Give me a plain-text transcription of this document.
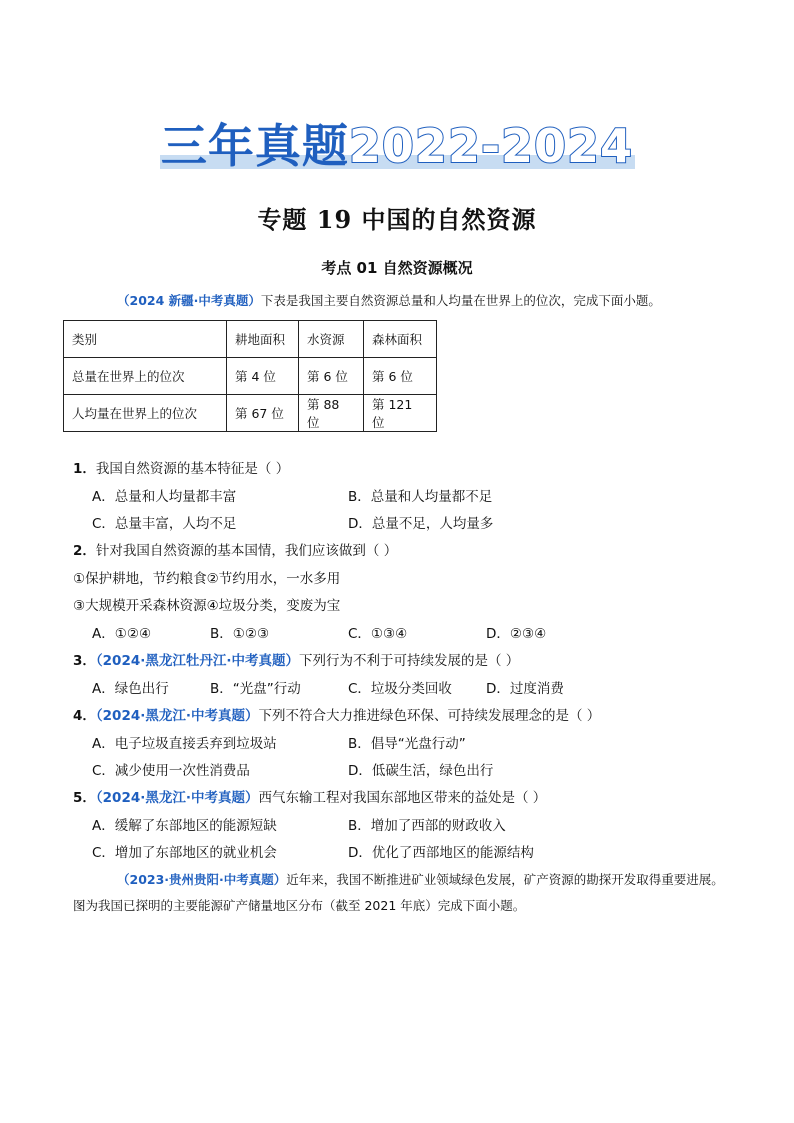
三年真题2022-2024
专题 19 中国的自然资源
考点 01 自然资源概况
（2024 新疆·中考真题）下表是我国主要自然资源总量和人均量在世界上的位次，完成下面小题。
类别	耕地面积	水资源	森林面积
总量在世界上的位次	第 4 位	第 6 位	第 6 位
人均量在世界上的位次	第 67 位	第 88 位	第 121 位
1．我国自然资源的基本特征是（ ）
A．总量和人均量都丰富	B．总量和人均量都不足
C．总量丰富，人均不足	D．总量不足，人均量多
2．针对我国自然资源的基本国情，我们应该做到（ ）
①保护耕地，节约粮食②节约用水，一水多用
③大规模开采森林资源④垃圾分类，变废为宝
A．①②④	B．①②③	C．①③④	D．②③④
3．（2024·黑龙江牡丹江·中考真题）下列行为不利于可持续发展的是（ ）
A．绿色出行	B．“光盘”行动	C．垃圾分类回收	D．过度消费
4．（2024·黑龙江·中考真题）下列不符合大力推进绿色环保、可持续发展理念的是（ ）
A．电子垃圾直接丢弃到垃圾站	B．倡导“光盘行动”
C．减少使用一次性消费品	D．低碳生活，绿色出行
5．（2024·黑龙江·中考真题）西气东输工程对我国东部地区带来的益处是（ ）
A．缓解了东部地区的能源短缺	B．增加了西部的财政收入
C．增加了东部地区的就业机会	D．优化了西部地区的能源结构
（2023·贵州贵阳·中考真题）近年来，我国不断推进矿业领域绿色发展，矿产资源的勘探开发取得重要进展。图为我国已探明的主要能源矿产储量地区分布（截至 2021 年底）完成下面小题。
